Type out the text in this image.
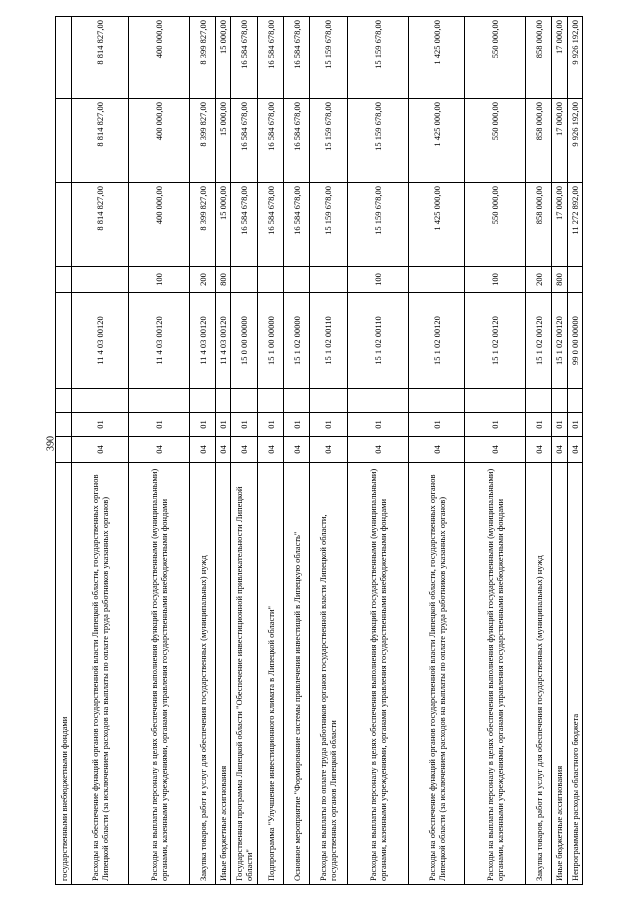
390
государственными внебюджетными фондами								
Расходы на обеспечение функций органов государственной власти Липецкой области, государственных органов Липецкой области (за исключением расходов на выплаты по оплате труда работников указанных органов)	04	01		11 4 03 00120		8 814 827,00	8 814 827,00	8 814 827,00
Расходы на выплаты персоналу в целях обеспечения выполнения функций государственными (муниципальными) органами, казенными учреждениями, органами управления государственными внебюджетными фондами	04	01		11 4 03 00120	100	400 000,00	400 000,00	400 000,00
Закупка товаров, работ и услуг для обеспечения государственных (муниципальных) нужд	04	01		11 4 03 00120	200	8 399 827,00	8 399 827,00	8 399 827,00
Иные бюджетные ассигнования	04	01		11 4 03 00120	800	15 000,00	15 000,00	15 000,00
Государственная программа Липецкой области "Обеспечение инвестиционной привлекательности Липецкой области"	04	01		15 0 00 00000		16 584 678,00	16 584 678,00	16 584 678,00
Подпрограмма "Улучшение инвестиционного климата в Липецкой области"	04	01		15 1 00 00000		16 584 678,00	16 584 678,00	16 584 678,00
Основное мероприятие "Формирование системы привлечения инвестиций в Липецкую область"	04	01		15 1 02 00000		16 584 678,00	16 584 678,00	16 584 678,00
Расходы на выплаты по оплате труда работников органов государственной власти Липецкой области, государственных органов Липецкой области	04	01		15 1 02 00110		15 159 678,00	15 159 678,00	15 159 678,00
Расходы на выплаты персоналу в целях обеспечения выполнения функций государственными (муниципальными) органами, казенными учреждениями, органами управления государственными внебюджетными фондами	04	01		15 1 02 00110	100	15 159 678,00	15 159 678,00	15 159 678,00
Расходы на обеспечение функций органов государственной власти Липецкой области, государственных органов Липецкой области (за исключением расходов на выплаты по оплате труда работников указанных органов)	04	01		15 1 02 00120		1 425 000,00	1 425 000,00	1 425 000,00
Расходы на выплаты персоналу в целях обеспечения выполнения функций государственными (муниципальными) органами, казенными учреждениями, органами управления государственными внебюджетными фондами	04	01		15 1 02 00120	100	550 000,00	550 000,00	550 000,00
Закупка товаров, работ и услуг для обеспечения государственных (муниципальных) нужд	04	01		15 1 02 00120	200	858 000,00	858 000,00	858 000,00
Иные бюджетные ассигнования	04	01		15 1 02 00120	800	17 000,00	17 000,00	17 000,00
Непрограммные расходы областного бюджета	04	01		99 0 00 00000		11 272 892,00	9 926 192,00	9 926 192,00
